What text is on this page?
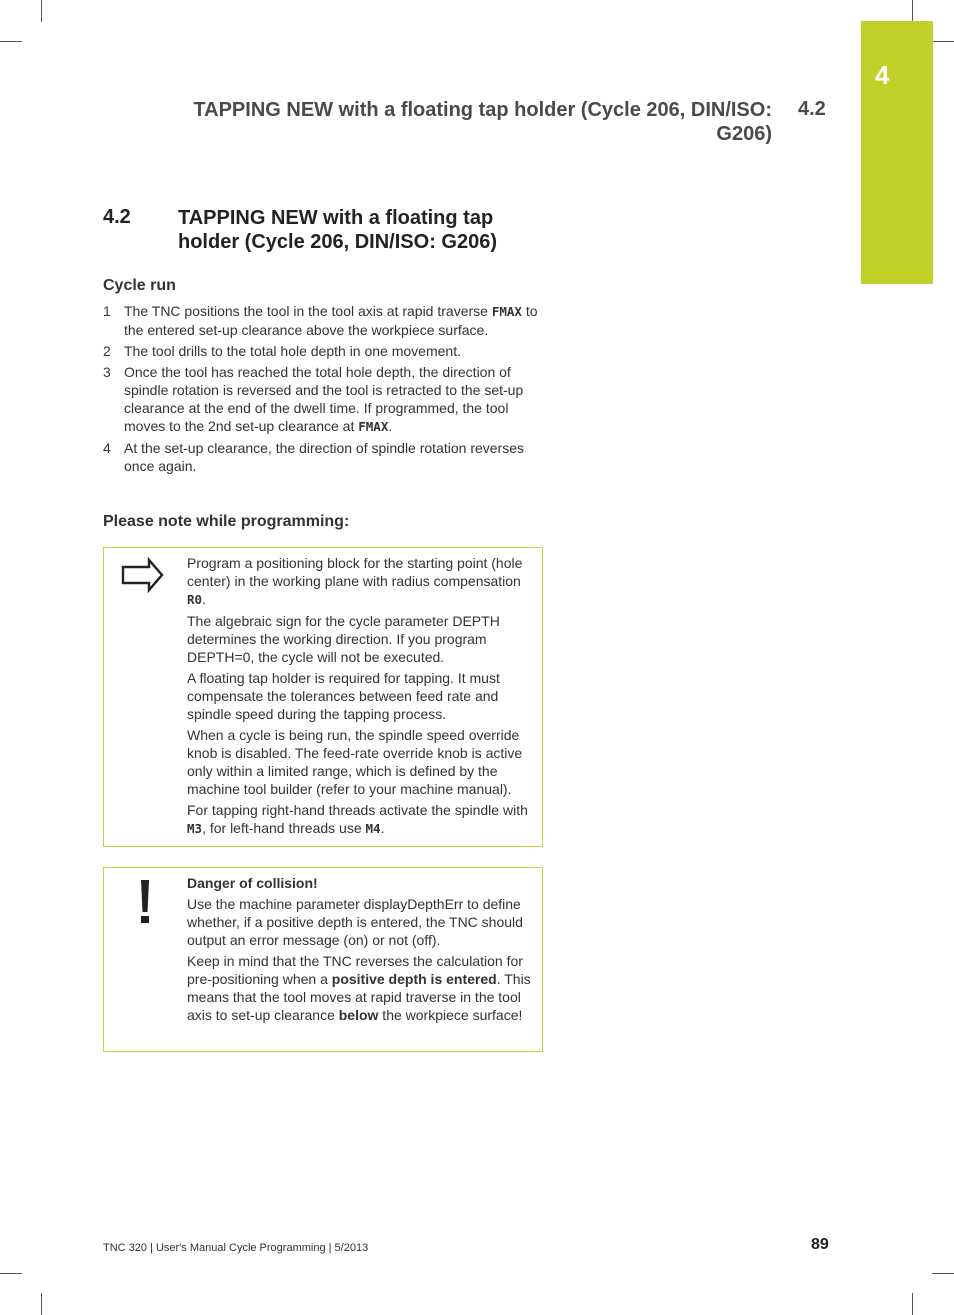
4
TAPPING NEW with a floating tap holder (Cycle 206, DIN/ISO: G206)
4.2
4.2 TAPPING NEW with a floating tap holder (Cycle 206, DIN/ISO: G206)
Cycle run
1 The TNC positions the tool in the tool axis at rapid traverse FMAX to the entered set-up clearance above the workpiece surface.
2 The tool drills to the total hole depth in one movement.
3 Once the tool has reached the total hole depth, the direction of spindle rotation is reversed and the tool is retracted to the set-up clearance at the end of the dwell time. If programmed, the tool moves to the 2nd set-up clearance at FMAX.
4 At the set-up clearance, the direction of spindle rotation reverses once again.
Please note while programming:

Program a positioning block for the starting point (hole center) in the working plane with radius compensation R0.

The algebraic sign for the cycle parameter DEPTH determines the working direction. If you program DEPTH=0, the cycle will not be executed.

A floating tap holder is required for tapping. It must compensate the tolerances between feed rate and spindle speed during the tapping process.

When a cycle is being run, the spindle speed override knob is disabled. The feed-rate override knob is active only within a limited range, which is defined by the machine tool builder (refer to your machine manual).

For tapping right-hand threads activate the spindle with M3, for left-hand threads use M4.

Danger of collision!

Use the machine parameter displayDepthErr to define whether, if a positive depth is entered, the TNC should output an error message (on) or not (off).

Keep in mind that the TNC reverses the calculation for pre-positioning when a positive depth is entered. This means that the tool moves at rapid traverse in the tool axis to set-up clearance below the workpiece surface!

TNC 320 | User's Manual Cycle Programming | 5/2013	89
